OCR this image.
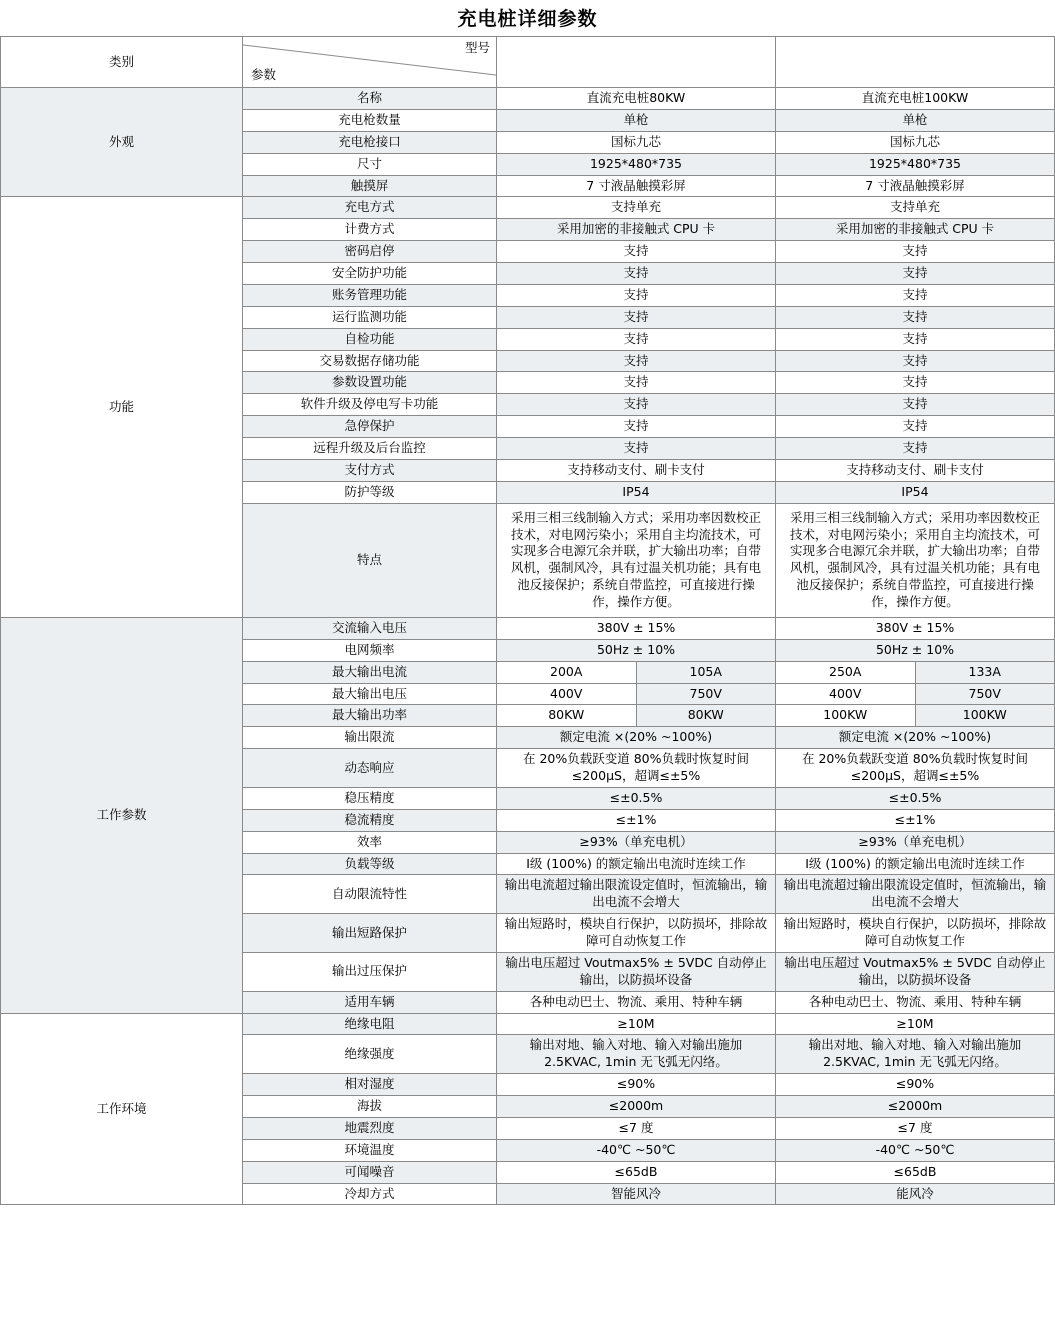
充电桩详细参数
类别	型号
参数				

外观	名称	直流充电桩80KW		直流充电桩100KW	
	充电枪数量	单枪		单枪	
	充电枪接口	国标九芯		国标九芯	
	尺寸	1925*480*735		1925*480*735	
	触摸屏	7 寸液晶触摸彩屏		7 寸液晶触摸彩屏	
功能	充电方式	支持单充		支持单充	
	计费方式	采用加密的非接触式 CPU 卡		采用加密的非接触式 CPU 卡	
	密码启停	支持		支持	
	安全防护功能	支持		支持	
	账务管理功能	支持		支持	
	运行监测功能	支持		支持	
	自检功能	支持		支持	
	交易数据存储功能	支持		支持	
	参数设置功能	支持		支持	
	软件升级及停电写卡功能	支持		支持	
	急停保护	支持		支持	
	远程升级及后台监控	支持		支持	
	支付方式	支持移动支付、刷卡支付		支持移动支付、刷卡支付	
	防护等级	IP54		IP54	
	特点	采用三相三线制输入方式；采用功率因数校正技术，对电网污染小；采用自主均流技术，可实现多合电源冗余并联，扩大输出功率；自带风机，强制风冷，具有过温关机功能；具有电池反接保护；系统自带监控，可直接进行操作，操作方便。		采用三相三线制输入方式；采用功率因数校正技术，对电网污染小；采用自主均流技术，可实现多合电源冗余并联，扩大输出功率；自带风机，强制风冷，具有过温关机功能；具有电池反接保护；系统自带监控，可直接进行操作，操作方便。	
工作参数	交流输入电压	380V ± 15%		380V ± 15%	
	电网频率	50Hz ± 10%		50Hz ± 10%	
	最大输出电流	200A	105A	250A	133A
	最大输出电压	400V	750V	400V	750V
	最大输出功率	80KW	80KW	100KW	100KW
	输出限流	额定电流 ×(20% ~100%)		额定电流 ×(20% ~100%)	
	动态响应	在 20%负载跃变道 80%负载时恢复时间 ≤200μS，超调≤±5%		在 20%负载跃变道 80%负载时恢复时间 ≤200μS，超调≤±5%	
	稳压精度	≤±0.5%		≤±0.5%	
	稳流精度	≤±1%		≤±1%	
	效率	≥93%（单充电机）		≥93%（单充电机）	
	负载等级	Ⅰ级 (100%) 的额定输出电流时连续工作		Ⅰ级 (100%) 的额定输出电流时连续工作	
	自动限流特性	输出电流超过输出限流设定值时，恒流输出，输出电流不会增大		输出电流超过输出限流设定值时，恒流输出，输出电流不会增大	
	输出短路保护	输出短路时，模块自行保护，以防损坏，排除故障可自动恢复工作		输出短路时，模块自行保护，以防损坏，排除故障可自动恢复工作	
	输出过压保护	输出电压超过 Voutmax5% ± 5VDC 自动停止输出，以防损坏设备		输出电压超过 Voutmax5% ± 5VDC 自动停止输出，以防损坏设备	
	适用车辆	各种电动巴士、物流、乘用、特种车辆		各种电动巴士、物流、乘用、特种车辆	
工作环境	绝缘电阻	≥10M		≥10M	
	绝缘强度	输出对地、输入对地、输入对输出施加 2.5KVAC, 1min 无飞弧无闪络。		输出对地、输入对地、输入对输出施加 2.5KVAC, 1min 无飞弧无闪络。	
	相对湿度	≤90%		≤90%	
	海拔	≤2000m		≤2000m	
	地震烈度	≤7 度		≤7 度	
	环境温度	-40℃ ~50℃		-40℃ ~50℃	
	可闻噪音	≤65dB		≤65dB	
	冷却方式	智能风冷		能风冷	
